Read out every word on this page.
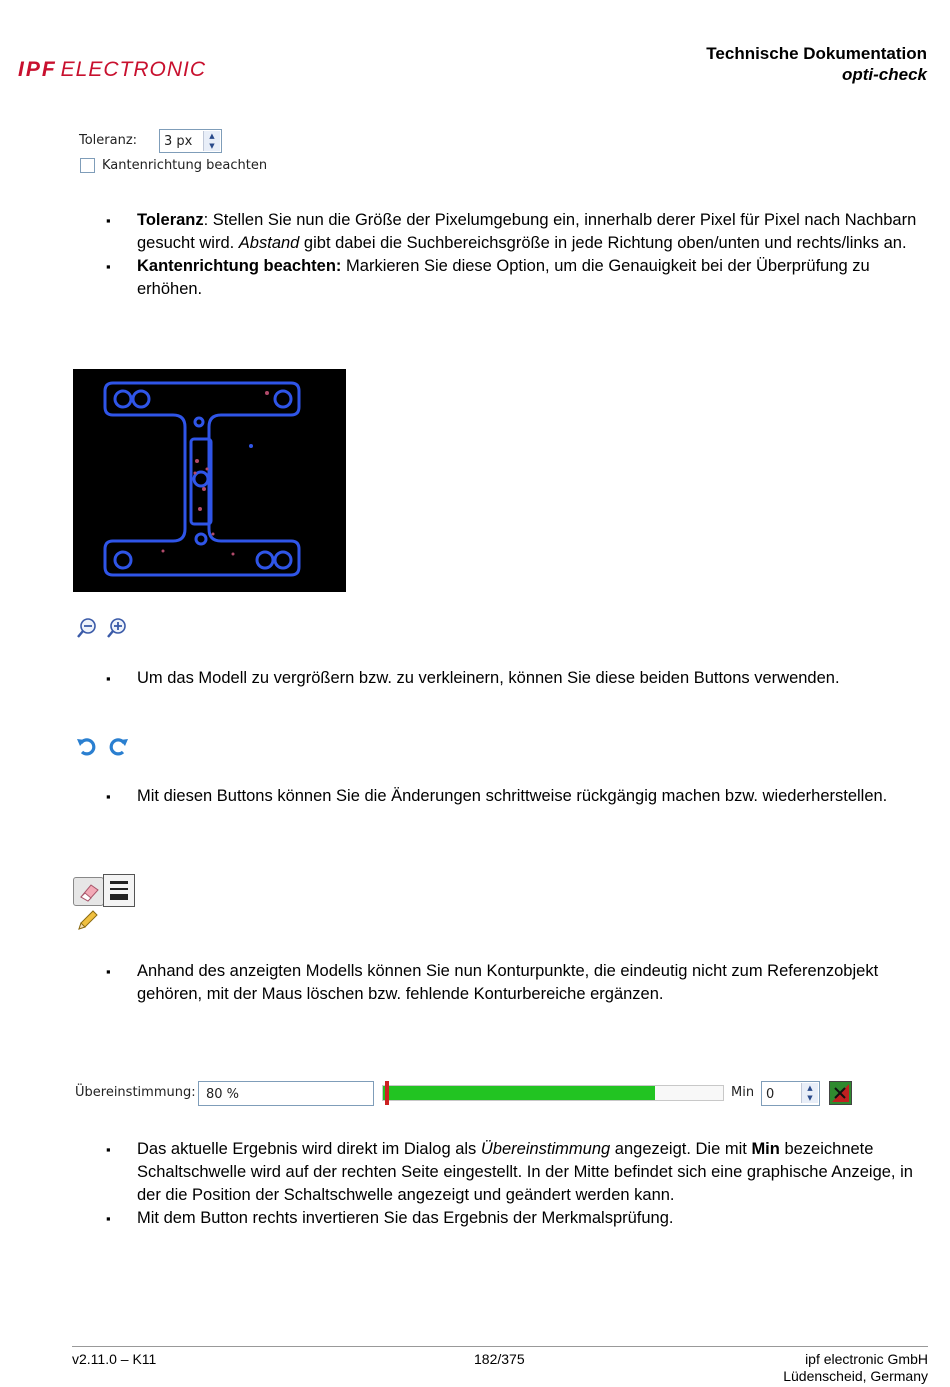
IPF ELECTRONIC
Technische Dokumentation
opti-check
Toleranz: 3 px	▲
▼
Kantenrichtung beachten
▪ Toleranz: Stellen Sie nun die Größe der Pixelumgebung ein, innerhalb derer Pixel für Pixel nach Nachbarn gesucht wird. Abstand gibt dabei die Suchbereichsgröße in jede Richtung oben/unten und rechts/links an.
▪ Kantenrichtung beachten: Markieren Sie diese Option, um die Genauigkeit bei der Überprüfung zu erhöhen.
▪ Um das Modell zu vergrößern bzw. zu verkleinern, können Sie diese beiden Buttons verwenden.
▪ Mit diesen Buttons können Sie die Änderungen schrittweise rückgängig machen bzw. wiederherstellen.
▪ Anhand des anzeigten Modells können Sie nun Konturpunkte, die eindeutig nicht zum Referenzobjekt gehören, mit der Maus löschen bzw. fehlende Konturbereiche ergänzen.
Übereinstimmung: 80 %	Min 0	▲
▼
▪ Das aktuelle Ergebnis wird direkt im Dialog als Übereinstimmung angezeigt. Die mit Min bezeichnete Schaltschwelle wird auf der rechten Seite eingestellt. In der Mitte befindet sich eine graphische Anzeige, in der die Position der Schaltschwelle angezeigt und geändert werden kann.
▪ Mit dem Button rechts invertieren Sie das Ergebnis der Merkmalsprüfung.
v2.11.0 – K11	182/375	ipf electronic GmbH
Lüdenscheid, Germany
